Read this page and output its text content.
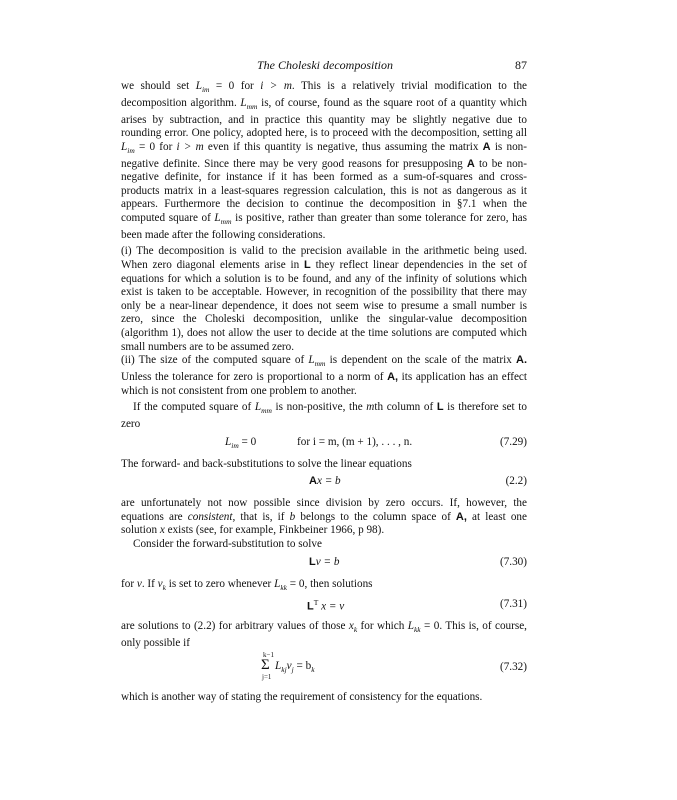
The Choleski decomposition	87

we should set $L_{im} = 0$ for i > m. This is a relatively trivial modification to the decomposition algorithm. $L_{mm}$ is, of course, found as the square root of a quantity which arises by subtraction, and in practice this quantity may be slightly negative due to rounding error. One policy, adopted here, is to proceed with the decomposition, setting all $L_{im} = 0$ for i > m even if this quantity is negative, thus assuming the matrix A is non-negative definite. Since there may be very good reasons for presupposing A to be non-negative definite, for instance if it has been formed as a sum-of-squares and cross-products matrix in a least-squares regression calculation, this is not as dangerous as it appears. Furthermore the decision to continue the decomposition in §7.1 when the computed square of $L_{mm}$ is positive, rather than greater than some tolerance for zero, has been made after the following considerations.

(i) The decomposition is valid to the precision available in the arithmetic being used. When zero diagonal elements arise in L they reflect linear dependencies in the set of equations for which a solution is to be found, and any of the infinity of solutions which exist is taken to be acceptable. However, in recognition of the possibility that there may only be a near-linear dependence, it does not seem wise to presume a small number is zero, since the Choleski decomposition, unlike the singular-value decomposition (algorithm 1), does not allow the user to decide at the time solutions are computed which small numbers are to be assumed zero.

(ii) The size of the computed square of $L_{mm}$ is dependent on the scale of the matrix A. Unless the tolerance for zero is proportional to a norm of A, its application has an effect which is not consistent from one problem to another.

If the computed square of $L_{mm}$ is non-positive, the mth column of L is therefore set to zero

$L_{im} = 0$	for i = m, (m + 1), . . . , n.	(7.29)

The forward- and back-substitutions to solve the linear equations

Ax = b	(2.2)

are unfortunately not now possible since division by zero occurs. If, however, the equations are consistent, that is, if b belongs to the column space of A, at least one solution x exists (see, for example, Finkbeiner 1966, p 98).

Consider the forward-substitution to solve

Lv = b	(7.30)

for v. If $v_k$ is set to zero whenever $L_{kk} = 0$, then solutions

$L^T$ x = v	(7.31)

are solutions to (2.2) for arbitrary values of those $x_k$ for which $L_{kk} = 0$. This is, of course, only possible if

k−1
Σ
j=1
$L_{kj}v_j = b_k$	(7.32)

which is another way of stating the requirement of consistency for the equations.
